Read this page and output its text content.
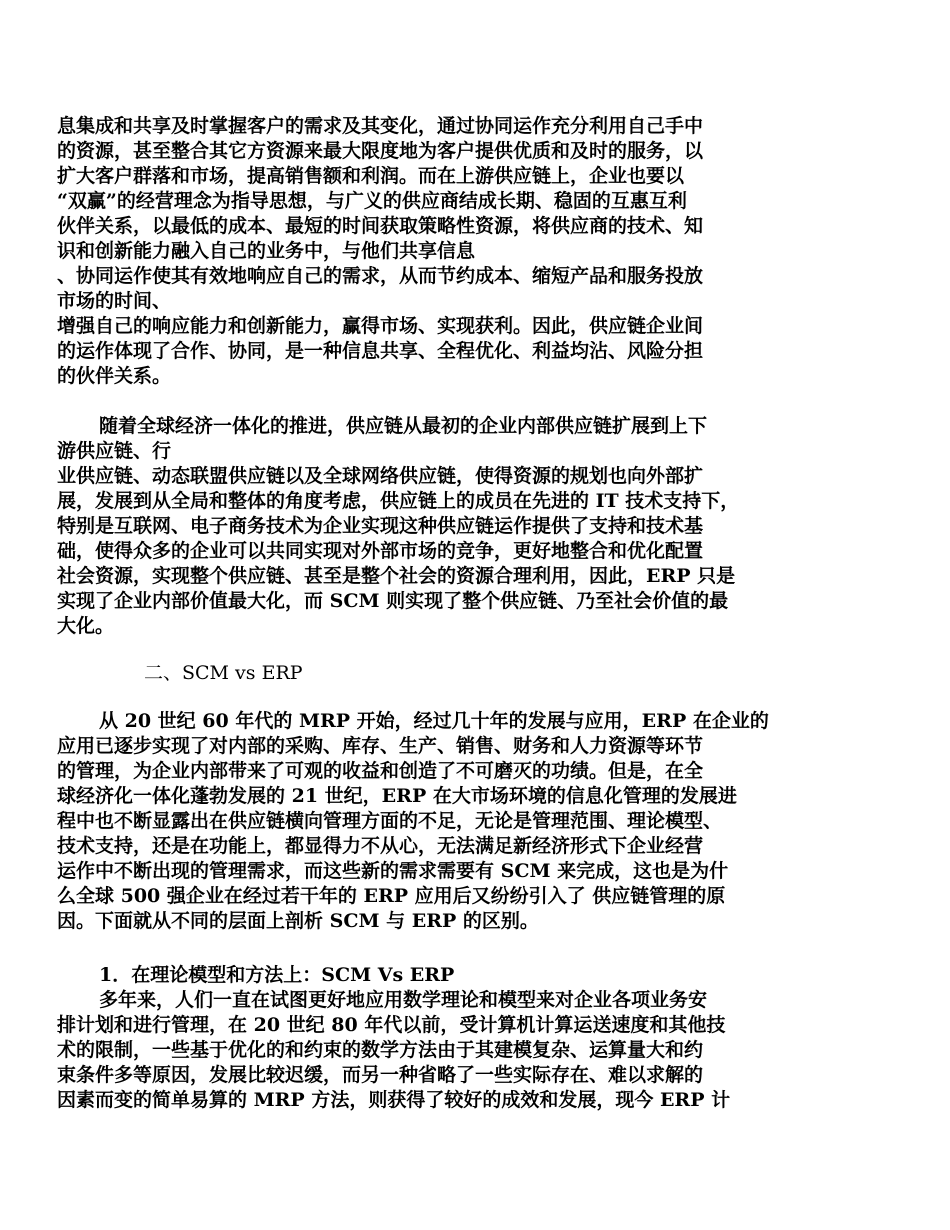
息集成和共享及时掌握客户的需求及其变化，通过协同运作充分利用自己手中
的资源，甚至整合其它方资源来最大限度地为客户提供优质和及时的服务，以
扩大客户群落和市场，提高销售额和利润。而在上游供应链上，企业也要以
“双赢”的经营理念为指导思想，与广义的供应商结成长期、稳固的互惠互利
伙伴关系，以最低的成本、最短的时间获取策略性资源，将供应商的技术、知
识和创新能力融入自己的业务中，与他们共享信息
、协同运作使其有效地响应自己的需求，从而节约成本、缩短产品和服务投放
市场的时间、
增强自己的响应能力和创新能力，赢得市场、实现获利。因此，供应链企业间
的运作体现了合作、协同，是一种信息共享、全程优化、利益均沾、风险分担
的伙伴关系。
随着全球经济一体化的推进，供应链从最初的企业内部供应链扩展到上下
游供应链、行
业供应链、动态联盟供应链以及全球网络供应链，使得资源的规划也向外部扩
展，发展到从全局和整体的角度考虑，供应链上的成员在先进的 IT 技术支持下，
特别是互联网、电子商务技术为企业实现这种供应链运作提供了支持和技术基
础，使得众多的企业可以共同实现对外部市场的竞争，更好地整合和优化配置
社会资源，实现整个供应链、甚至是整个社会的资源合理利用，因此，ERP 只是
实现了企业内部价值最大化，而 SCM 则实现了整个供应链、乃至社会价值的最
大化。
二、SCM vs ERP
从 20 世纪 60 年代的 MRP 开始，经过几十年的发展与应用，ERP 在企业的
应用已逐步实现了对内部的采购、库存、生产、销售、财务和人力资源等环节
的管理，为企业内部带来了可观的收益和创造了不可磨灭的功绩。但是，在全
球经济化一体化蓬勃发展的 21 世纪，ERP 在大市场环境的信息化管理的发展进
程中也不断显露出在供应链横向管理方面的不足，无论是管理范围、理论模型、
技术支持，还是在功能上，都显得力不从心，无法满足新经济形式下企业经营
运作中不断出现的管理需求，而这些新的需求需要有 SCM 来完成，这也是为什
么全球 500 强企业在经过若干年的 ERP 应用后又纷纷引入了 供应链管理的原
因。下面就从不同的层面上剖析 SCM 与 ERP 的区别。
1．在理论模型和方法上：SCM Vs ERP
多年来，人们一直在试图更好地应用数学理论和模型来对企业各项业务安
排计划和进行管理，在 20 世纪 80 年代以前，受计算机计算运送速度和其他技
术的限制，一些基于优化的和约束的数学方法由于其建模复杂、运算量大和约
束条件多等原因，发展比较迟缓，而另一种省略了一些实际存在、难以求解的
因素而变的简单易算的 MRP 方法，则获得了较好的成效和发展，现今 ERP 计
